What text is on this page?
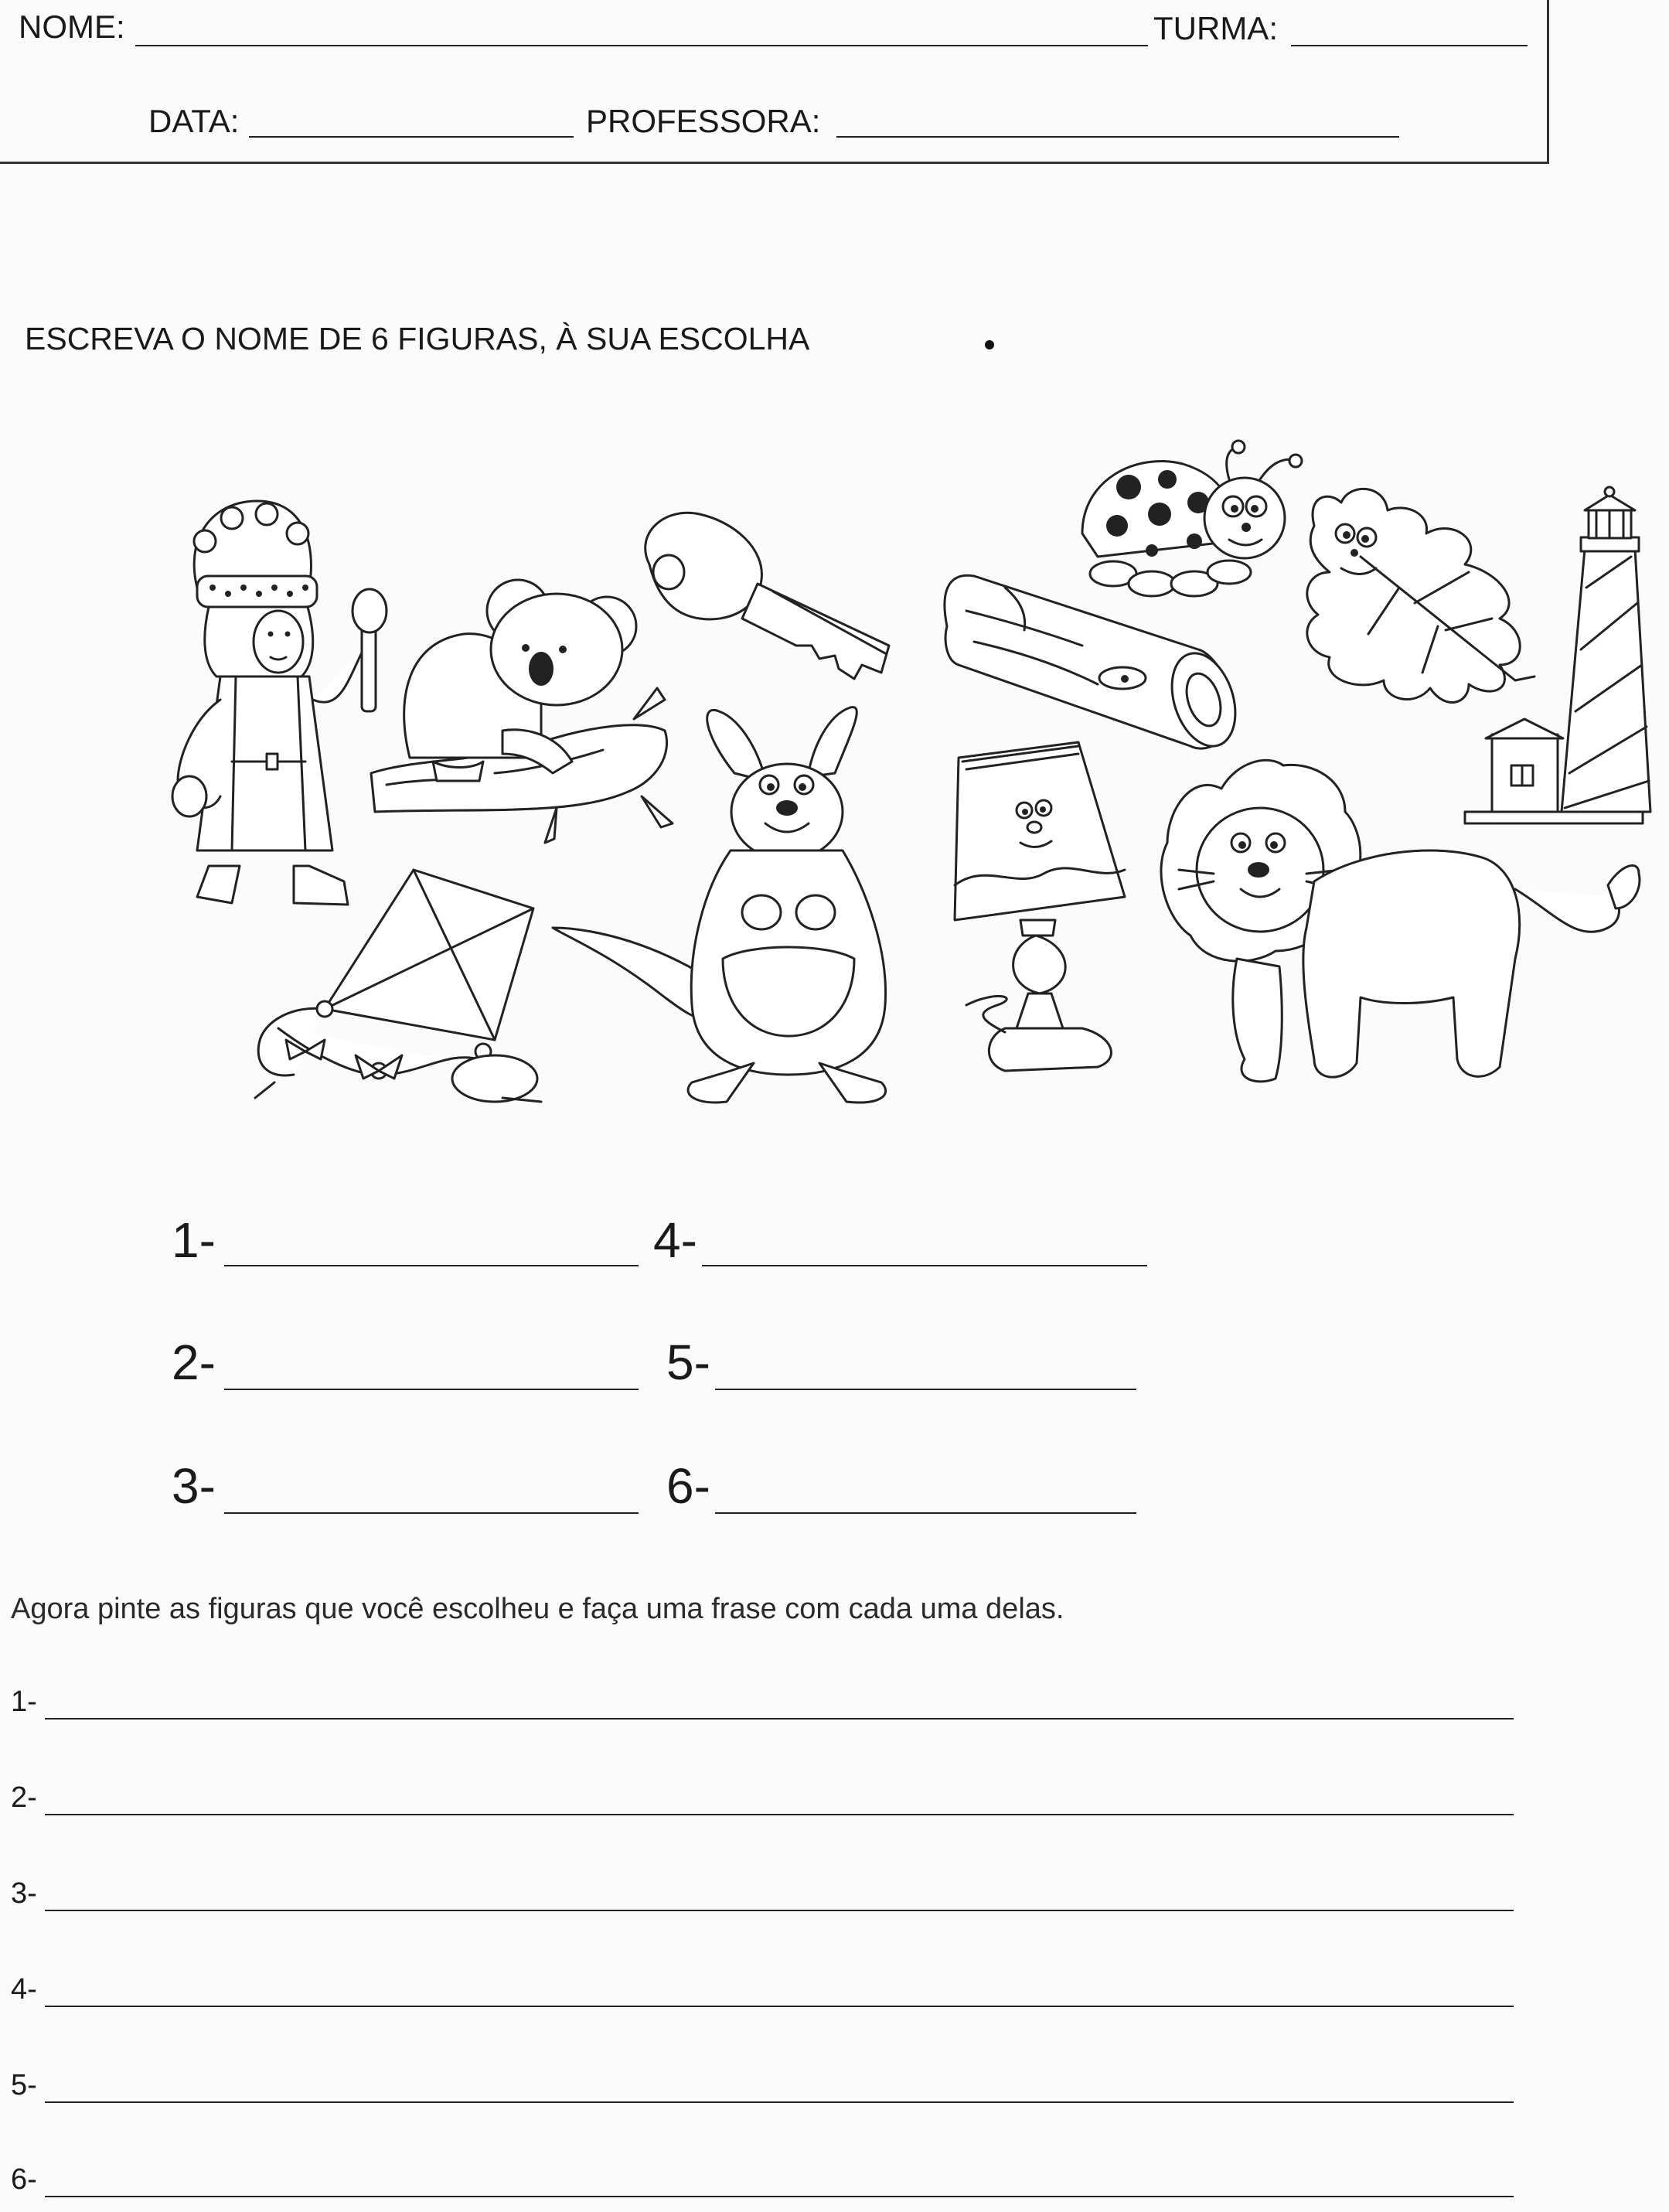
NOME:	TURMA:
DATA:	PROFESSORA:
ESCREVA O NOME DE 6 FIGURAS, À SUA ESCOLHA
1-	4-
2-	5-
3-	6-
Agora pinte as figuras que você escolheu e faça uma frase com cada uma delas.
1-
2-
3-
4-
5-
6-
